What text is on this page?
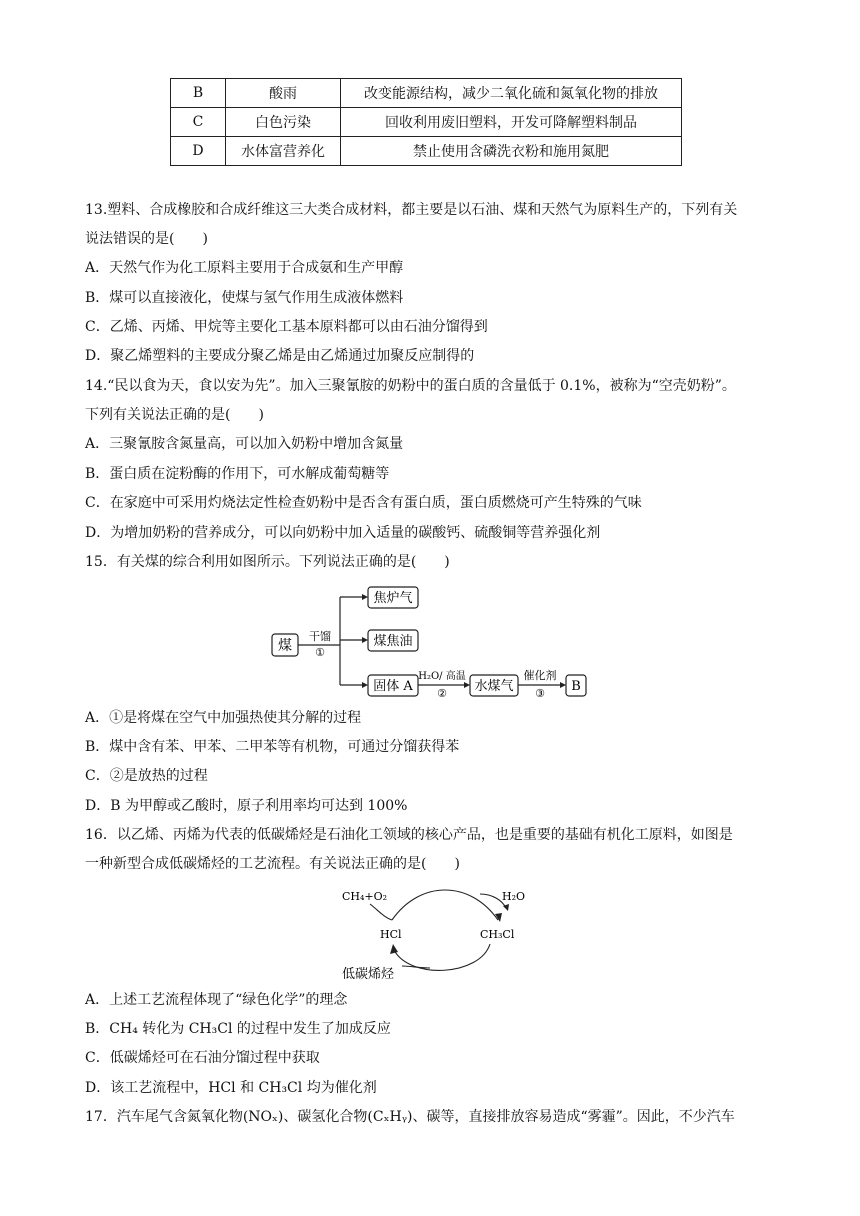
B	酸雨	改变能源结构，减少二氧化硫和氮氧化物的排放
C	白色污染	回收利用废旧塑料，开发可降解塑料制品
D	水体富营养化	禁止使用含磷洗衣粉和施用氮肥
13.塑料、合成橡胶和合成纤维这三大类合成材料，都主要是以石油、煤和天然气为原料生产的，下列有关
说法错误的是(　　)
A．天然气作为化工原料主要用于合成氨和生产甲醇
B．煤可以直接液化，使煤与氢气作用生成液体燃料
C．乙烯、丙烯、甲烷等主要化工基本原料都可以由石油分馏得到
D．聚乙烯塑料的主要成分聚乙烯是由乙烯通过加聚反应制得的
14.“民以食为天，食以安为先”。加入三聚氰胺的奶粉中的蛋白质的含量低于 0.1%，被称为“空壳奶粉”。
下列有关说法正确的是(　　)
A．三聚氰胺含氮量高，可以加入奶粉中增加含氮量
B．蛋白质在淀粉酶的作用下，可水解成葡萄糖等
C．在家庭中可采用灼烧法定性检查奶粉中是否含有蛋白质，蛋白质燃烧可产生特殊的气味
D．为增加奶粉的营养成分，可以向奶粉中加入适量的碳酸钙、硫酸铜等营养强化剂
15．有关煤的综合利用如图所示。下列说法正确的是(　　)
煤
干馏
①
焦炉气
煤焦油
固体 A
H₂O/ 高温
② 水煤气
催化剂
③ B
A．①是将煤在空气中加强热使其分解的过程
B．煤中含有苯、甲苯、二甲苯等有机物，可通过分馏获得苯
C．②是放热的过程
D．B 为甲醇或乙酸时，原子利用率均可达到 100%
16．以乙烯、丙烯为代表的低碳烯烃是石油化工领域的核心产品，也是重要的基础有机化工原料，如图是
一种新型合成低碳烯烃的工艺流程。有关说法正确的是(　　)
CH₄+O₂	H₂O
HCl	CH₃Cl
低碳烯烃
A．上述工艺流程体现了“绿色化学”的理念
B．CH₄ 转化为 CH₃Cl 的过程中发生了加成反应
C．低碳烯烃可在石油分馏过程中获取
D．该工艺流程中，HCl 和 CH₃Cl 均为催化剂
17．汽车尾气含氮氧化物(NOₓ)、碳氢化合物(CₓHᵧ)、碳等，直接排放容易造成“雾霾”。因此，不少汽车
